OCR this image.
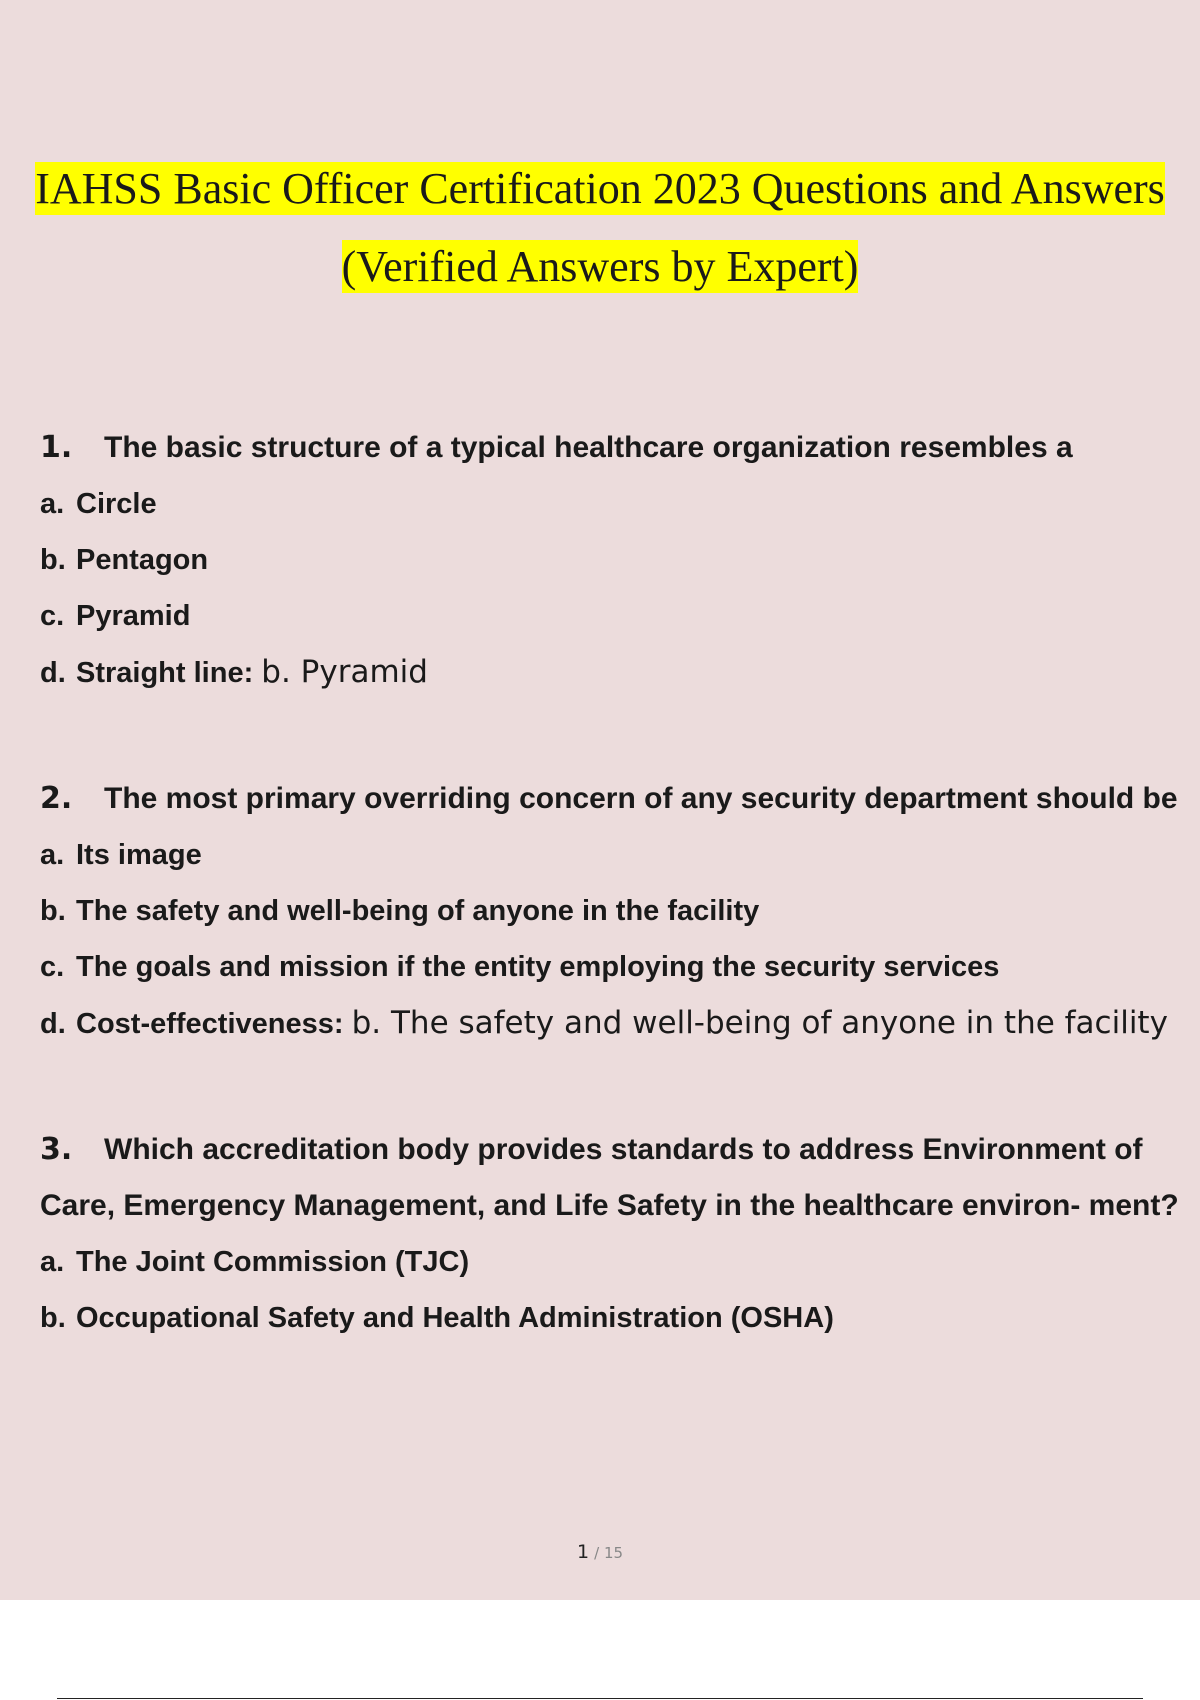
IAHSS Basic Officer Certification 2023 Questions and Answers
(Verified Answers by Expert)
1. The basic structure of a typical healthcare organization resembles a
a. Circle
b. Pentagon
c. Pyramid
d. Straight line: b. Pyramid
2. The most primary overriding concern of any security department should be
a. Its image
b. The safety and well-being of anyone in the facility
c. The goals and mission if the entity employing the security services
d. Cost-effectiveness: b. The safety and well-being of anyone in the facility
3. Which accreditation body provides standards to address Environment of Care, Emergency Management, and Life Safety in the healthcare environ- ment?
a. The Joint Commission (TJC)
b. Occupational Safety and Health Administration (OSHA)
1 / 15
